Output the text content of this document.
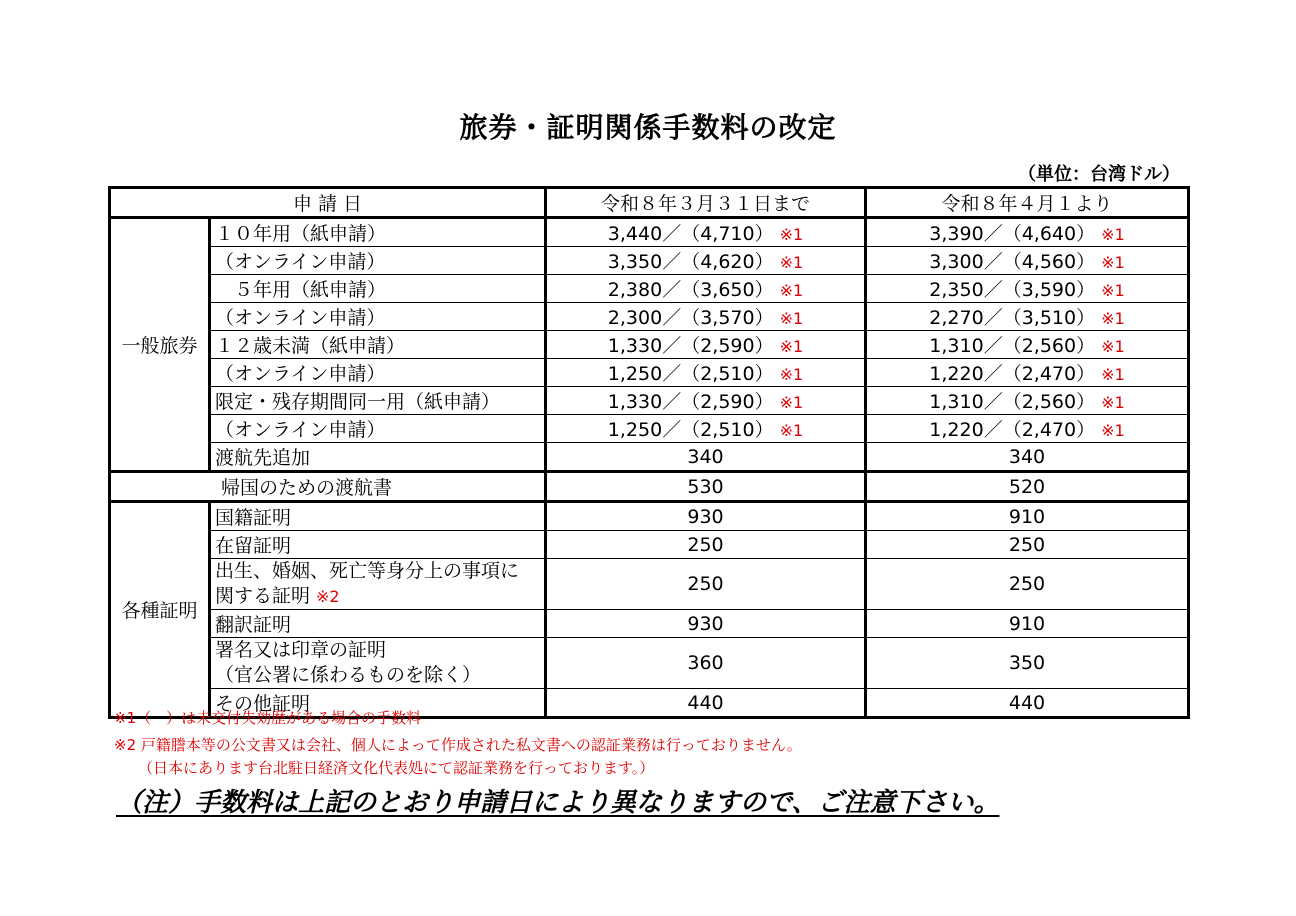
旅券・証明関係手数料の改定
（単位：台湾ドル）
申 請 日		令和８年３月３１日まで	令和８年４月１より
一般旅券	１０年用（紙申請）	3,440／（4,710） ※1	3,390／（4,640） ※1
	（オンライン申請）	3,350／（4,620） ※1	3,300／（4,560） ※1
	　５年用（紙申請）	2,380／（3,650） ※1	2,350／（3,590） ※1
	（オンライン申請）	2,300／（3,570） ※1	2,270／（3,510） ※1
	１２歳未満（紙申請）	1,330／（2,590） ※1	1,310／（2,560） ※1
	（オンライン申請）	1,250／（2,510） ※1	1,220／（2,470） ※1
	限定・残存期間同一用（紙申請）	1,330／（2,590） ※1	1,310／（2,560） ※1
	（オンライン申請）	1,250／（2,510） ※1	1,220／（2,470） ※1
	渡航先追加	340	340
帰国のための渡航書		530	520
各種証明	国籍証明	930	910
	在留証明	250	250

	出生、婚姻、死亡等身分上の事項に
関する証明 ※2	250	250
	翻訳証明	930	910

	署名又は印章の証明
（官公署に係わるものを除く）	360	350
	その他証明	440	440
※1（　）は未交付失効歴がある場合の手数料
※2 戸籍謄本等の公文書又は会社、個人によって作成された私文書への認証業務は行っておりません。
（日本にあります台北駐日経済文化代表処にて認証業務を行っております。）
（注）手数料は上記のとおり申請日により異なりますので、ご注意下さい。
